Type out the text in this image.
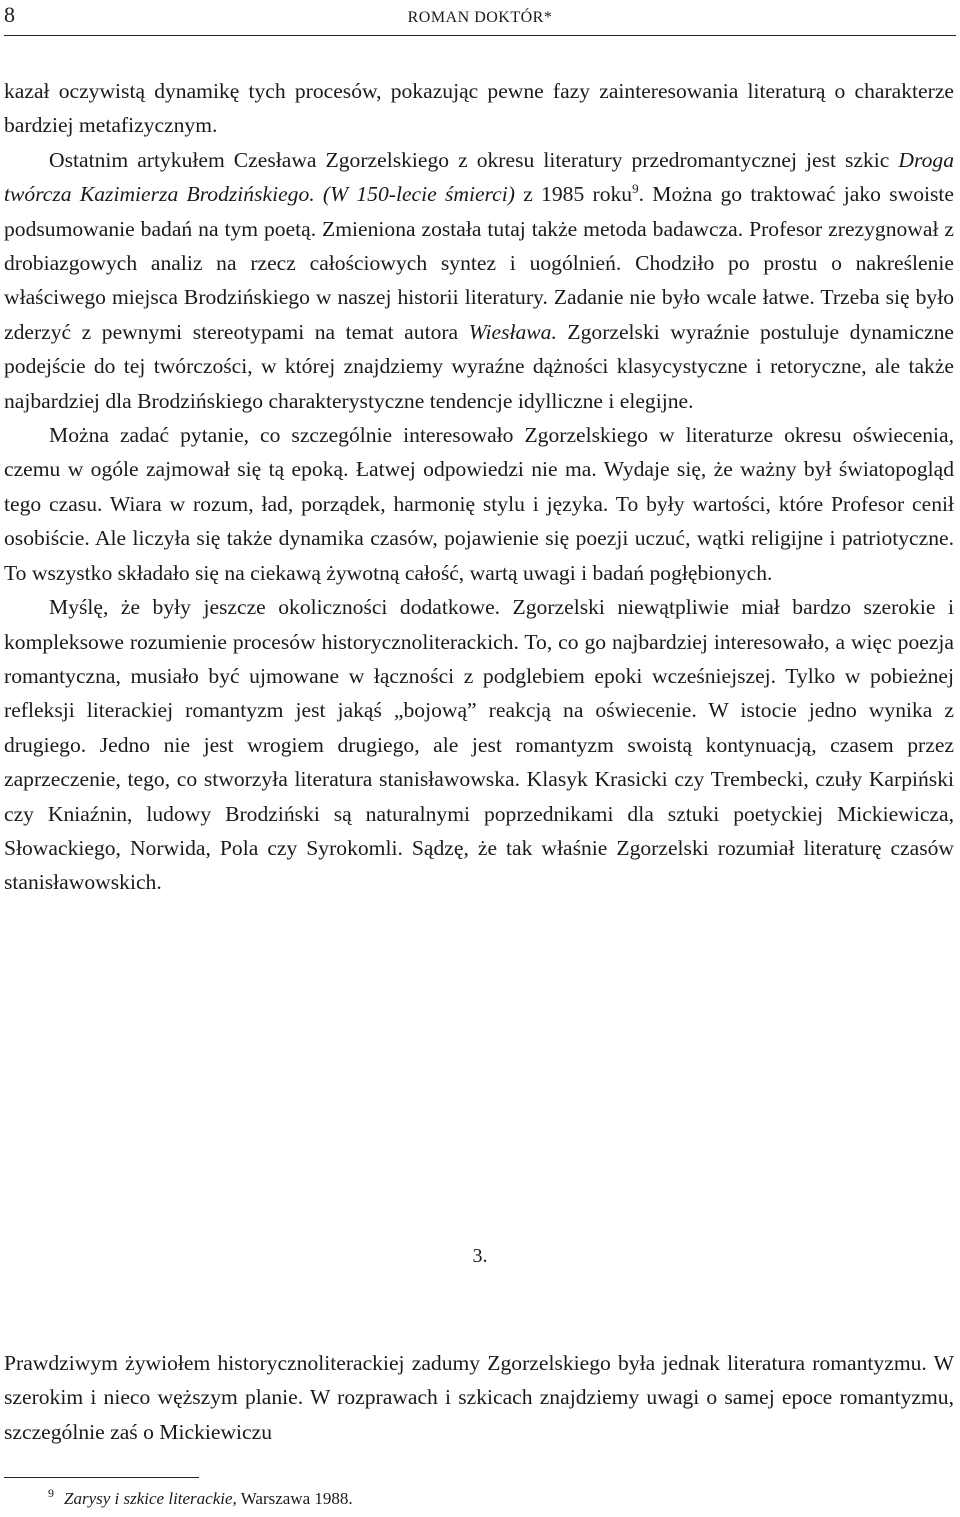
8	ROMAN DOKTÓR*

kazał oczywistą dynamikę tych procesów, pokazując pewne fazy zainteresowania literaturą o charakterze bardziej metafizycznym.

Ostatnim artykułem Czesława Zgorzelskiego z okresu literatury przedromantycznej jest szkic Droga twórcza Kazimierza Brodzińskiego. (W 150-lecie śmierci) z 1985 roku$^9$. Można go traktować jako swoiste podsumowanie badań na tym poetą. Zmieniona została tutaj także metoda badawcza. Profesor zrezygnował z drobiazgowych analiz na rzecz całościowych syntez i uogólnień. Chodziło po prostu o nakreślenie właściwego miejsca Brodzińskiego w naszej historii literatury. Zadanie nie było wcale łatwe. Trzeba się było zderzyć z pewnymi stereotypami na temat autora Wiesława. Zgorzelski wyraźnie postuluje dynamiczne podejście do tej twórczości, w której znajdziemy wyraźne dążności klasycystyczne i retoryczne, ale także najbardziej dla Brodzińskiego charakterystyczne tendencje idylliczne i elegijne.

Można zadać pytanie, co szczególnie interesowało Zgorzelskiego w literaturze okresu oświecenia, czemu w ogóle zajmował się tą epoką. Łatwej odpowiedzi nie ma. Wydaje się, że ważny był światopogląd tego czasu. Wiara w rozum, ład, porządek, harmonię stylu i języka. To były wartości, które Profesor cenił osobiście. Ale liczyła się także dynamika czasów, pojawienie się poezji uczuć, wątki religijne i patriotyczne. To wszystko składało się na ciekawą żywotną całość, wartą uwagi i badań pogłębionych.

Myślę, że były jeszcze okoliczności dodatkowe. Zgorzelski niewątpliwie miał bardzo szerokie i kompleksowe rozumienie procesów historycznoliterackich. To, co go najbardziej interesowało, a więc poezja romantyczna, musiało być ujmowane w łączności z podglebiem epoki wcześniejszej. Tylko w pobieżnej refleksji literackiej romantyzm jest jakąś „bojową” reakcją na oświecenie. W istocie jedno wynika z drugiego. Jedno nie jest wrogiem drugiego, ale jest romantyzm swoistą kontynuacją, czasem przez zaprzeczenie, tego, co stworzyła literatura stanisławowska. Klasyk Krasicki czy Trembecki, czuły Karpiński czy Kniaźnin, ludowy Brodziński są naturalnymi poprzednikami dla sztuki poetyckiej Mickiewicza, Słowackiego, Norwida, Pola czy Syrokomli. Sądzę, że tak właśnie Zgorzelski rozumiał literaturę czasów stanisławowskich.

3.

Prawdziwym żywiołem historycznoliterackiej zadumy Zgorzelskiego była jednak literatura romantyzmu. W szerokim i nieco węższym planie. W rozprawach i szkicach znajdziemy uwagi o samej epoce romantyzmu, szczególnie zaś o Mickiewiczu

$^9$ Zarysy i szkice literackie, Warszawa 1988.
